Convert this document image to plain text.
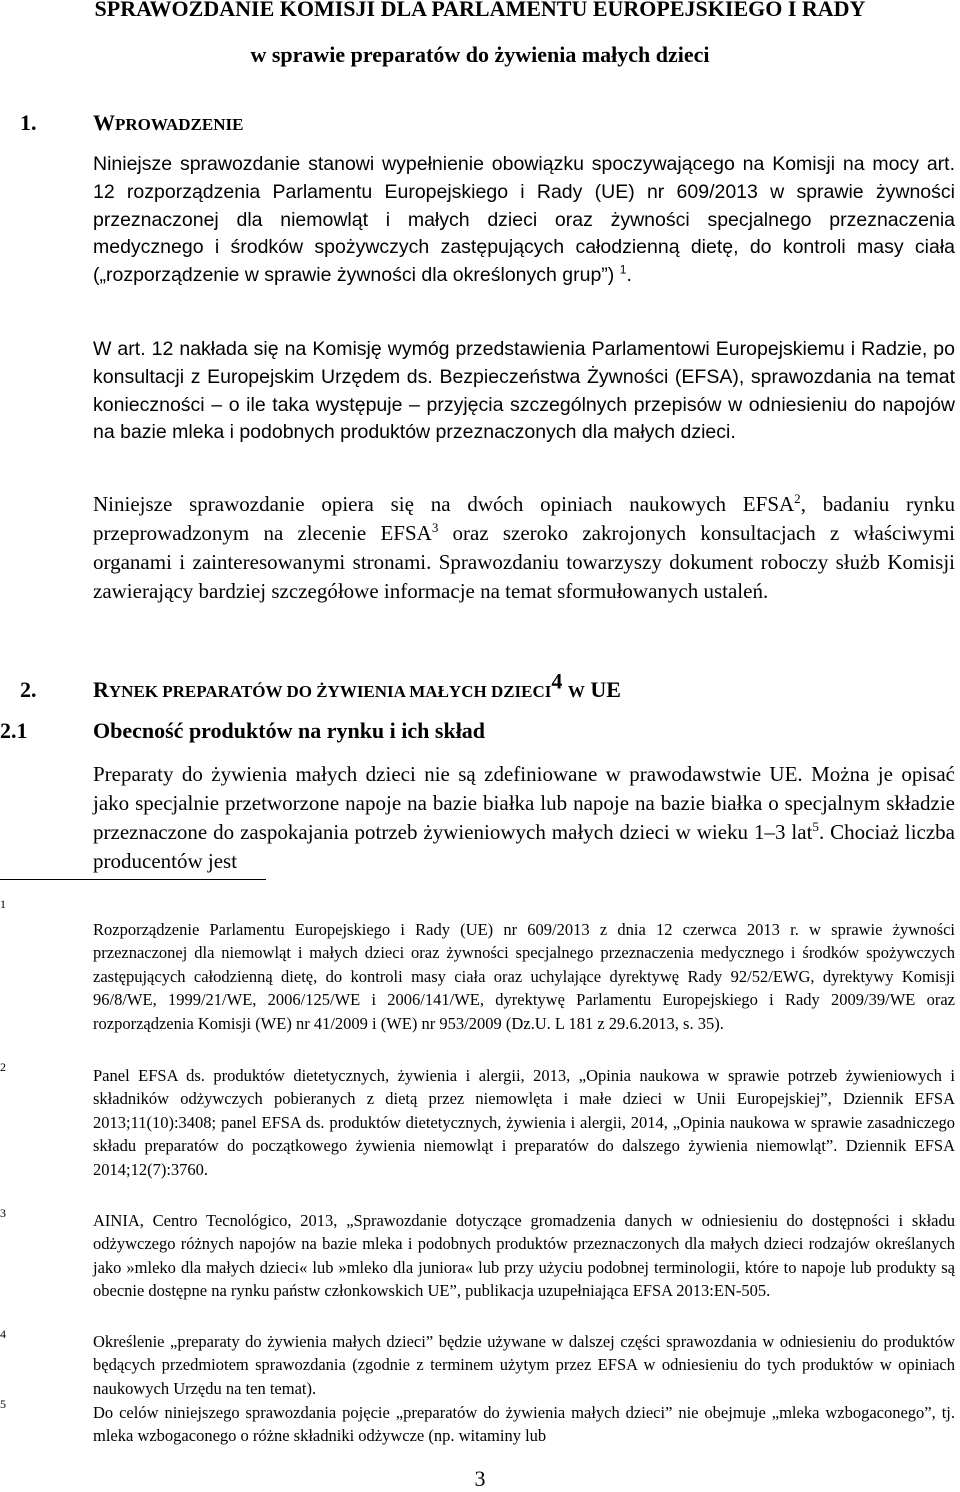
SPRAWOZDANIE KOMISJI DLA PARLAMENTU EUROPEJSKIEGO I RADY
w sprawie preparatów do żywienia małych dzieci
1.	WPROWADZENIE
Niniejsze sprawozdanie stanowi wypełnienie obowiązku spoczywającego na Komisji na mocy art. 12 rozporządzenia Parlamentu Europejskiego i Rady (UE) nr 609/2013 w sprawie żywności przeznaczonej dla niemowląt i małych dzieci oraz żywności specjalnego przeznaczenia medycznego i środków spożywczych zastępujących całodzienną dietę, do kontroli masy ciała („rozporządzenie w sprawie żywności dla określonych grup”) $^1$.
W art. 12 nakłada się na Komisję wymóg przedstawienia Parlamentowi Europejskiemu i Radzie, po konsultacji z Europejskim Urzędem ds. Bezpieczeństwa Żywności (EFSA), sprawozdania na temat konieczności – o ile taka występuje – przyjęcia szczególnych przepisów w odniesieniu do napojów na bazie mleka i podobnych produktów przeznaczonych dla małych dzieci.
Niniejsze sprawozdanie opiera się na dwóch opiniach naukowych EFSA$^2$, badaniu rynku przeprowadzonym na zlecenie EFSA$^3$ oraz szeroko zakrojonych konsultacjach z właściwymi organami i zainteresowanymi stronami. Sprawozdaniu towarzyszy dokument roboczy służb Komisji zawierający bardziej szczegółowe informacje na temat sformułowanych ustaleń.
2.	RYNEK PREPARATÓW DO ŻYWIENIA MAŁYCH DZIECI$^4$ W UE
2.1	Obecność produktów na rynku i ich skład
Preparaty do żywienia małych dzieci nie są zdefiniowane w prawodawstwie UE. Można je opisać jako specjalnie przetworzone napoje na bazie białka lub napoje na bazie białka o specjalnym składzie przeznaczone do zaspokajania potrzeb żywieniowych małych dzieci w wieku 1–3 lat$^5$. Chociaż liczba producentów jest
1
Rozporządzenie Parlamentu Europejskiego i Rady (UE) nr 609/2013 z dnia 12 czerwca 2013 r. w sprawie żywności przeznaczonej dla niemowląt i małych dzieci oraz żywności specjalnego przeznaczenia medycznego i środków spożywczych zastępujących całodzienną dietę, do kontroli masy ciała oraz uchylające dyrektywę Rady 92/52/EWG, dyrektywy Komisji 96/8/WE, 1999/21/WE, 2006/125/WE i 2006/141/WE, dyrektywę Parlamentu Europejskiego i Rady 2009/39/WE oraz rozporządzenia Komisji (WE) nr 41/2009 i (WE) nr 953/2009 (Dz.U. L 181 z 29.6.2013, s. 35).
2	Panel EFSA ds. produktów dietetycznych, żywienia i alergii, 2013, „Opinia naukowa w sprawie potrzeb żywieniowych i składników odżywczych pobieranych z dietą przez niemowlęta i małe dzieci w Unii Europejskiej”, Dziennik EFSA 2013;11(10):3408; panel EFSA ds. produktów dietetycznych, żywienia i alergii, 2014, „Opinia naukowa w sprawie zasadniczego składu preparatów do początkowego żywienia niemowląt i preparatów do dalszego żywienia niemowląt”. Dziennik EFSA 2014;12(7):3760.
3	AINIA, Centro Tecnológico, 2013, „Sprawozdanie dotyczące gromadzenia danych w odniesieniu do dostępności i składu odżywczego różnych napojów na bazie mleka i podobnych produktów przeznaczonych dla małych dzieci rodzajów określanych jako »mleko dla małych dzieci« lub »mleko dla juniora« lub przy użyciu podobnej terminologii, które to napoje lub produkty są obecnie dostępne na rynku państw członkowskich UE”, publikacja uzupełniająca EFSA 2013:EN-505.
4	Określenie „preparaty do żywienia małych dzieci” będzie używane w dalszej części sprawozdania w odniesieniu do produktów będących przedmiotem sprawozdania (zgodnie z terminem użytym przez EFSA w odniesieniu do tych produktów w opiniach naukowych Urzędu na ten temat).
5	Do celów niniejszego sprawozdania pojęcie „preparatów do żywienia małych dzieci” nie obejmuje „mleka wzbogaconego”, tj. mleka wzbogaconego o różne składniki odżywcze (np. witaminy lub
3
